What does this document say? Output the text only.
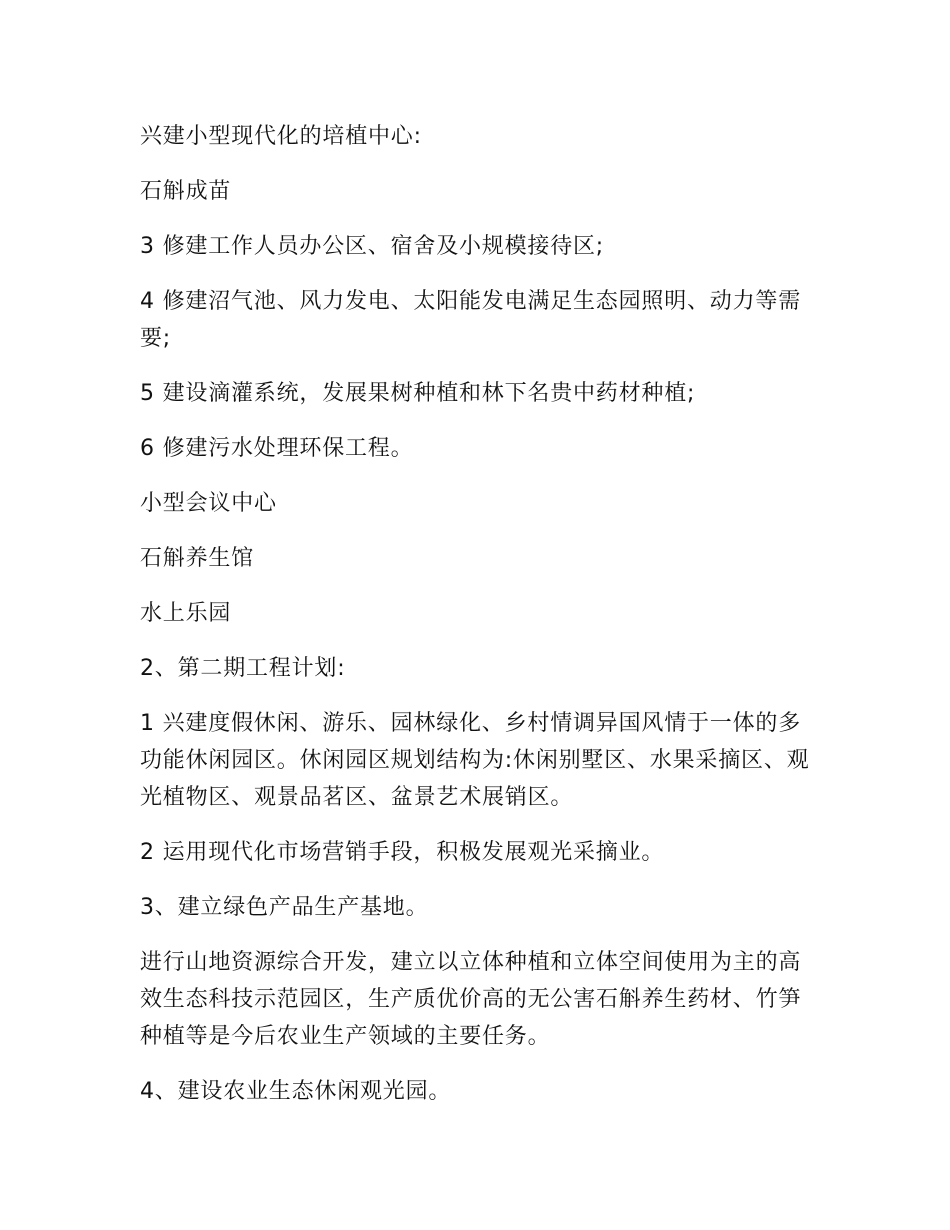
兴建小型现代化的培植中心:

石斛成苗

3 修建工作人员办公区、宿舍及小规模接待区;

4 修建沼气池、风力发电、太阳能发电满足生态园照明、动力等需要;

5 建设滴灌系统，发展果树种植和林下名贵中药材种植;

6 修建污水处理环保工程。

小型会议中心

石斛养生馆

水上乐园

2、第二期工程计划:

1 兴建度假休闲、游乐、园林绿化、乡村情调异国风情于一体的多功能休闲园区。休闲园区规划结构为:休闲别墅区、水果采摘区、观光植物区、观景品茗区、盆景艺术展销区。

2 运用现代化市场营销手段，积极发展观光采摘业。

3、建立绿色产品生产基地。

进行山地资源综合开发，建立以立体种植和立体空间使用为主的高效生态科技示范园区，生产质优价高的无公害石斛养生药材、竹笋种植等是今后农业生产领域的主要任务。

4、建设农业生态休闲观光园。
